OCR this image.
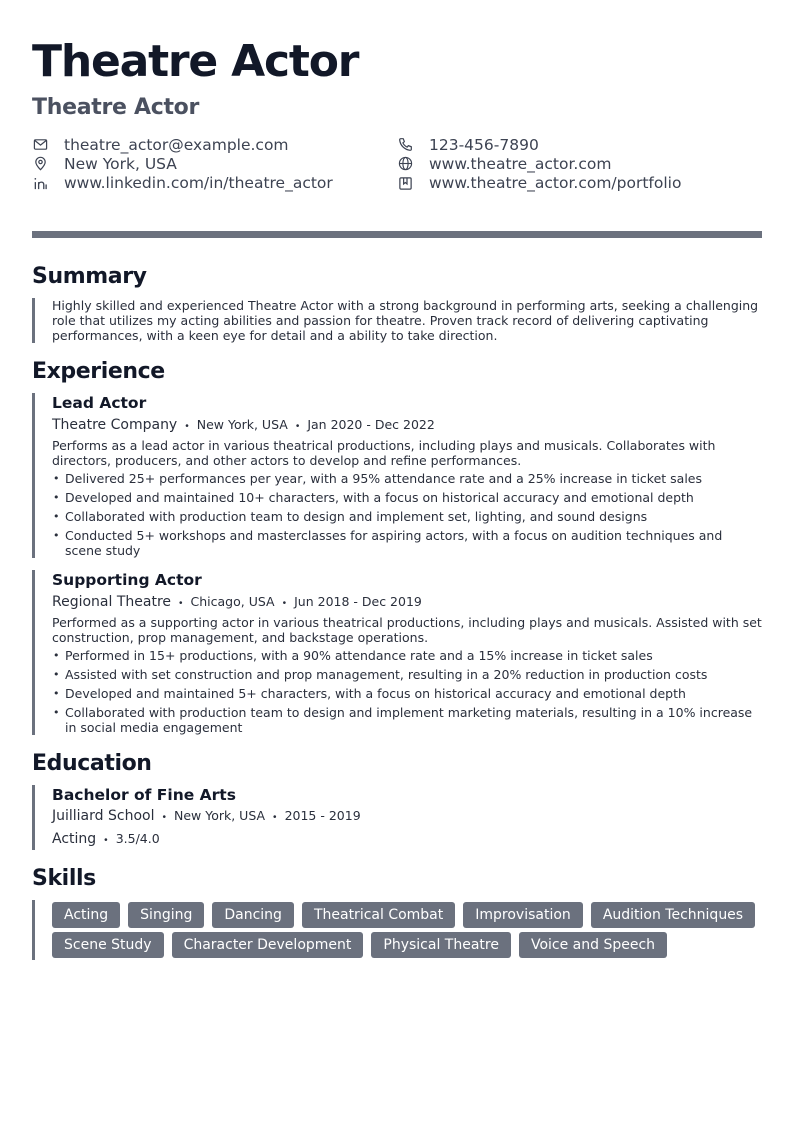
Theatre Actor
Theatre Actor
theatre_actor@example.com	123-456-7890
New York, USA	www.theatre_actor.com
www.linkedin.com/in/theatre_actor	www.theatre_actor.com/portfolio
Summary
Highly skilled and experienced Theatre Actor with a strong background in performing arts, seeking a challenging role that utilizes my acting abilities and passion for theatre. Proven track record of delivering captivating performances, with a keen eye for detail and a ability to take direction.
Experience
Lead Actor
Theatre Company • New York, USA • Jan 2020 - Dec 2022
Performs as a lead actor in various theatrical productions, including plays and musicals. Collaborates with directors, producers, and other actors to develop and refine performances.
• Delivered 25+ performances per year, with a 95% attendance rate and a 25% increase in ticket sales
• Developed and maintained 10+ characters, with a focus on historical accuracy and emotional depth
• Collaborated with production team to design and implement set, lighting, and sound designs
• Conducted 5+ workshops and masterclasses for aspiring actors, with a focus on audition techniques and scene study
Supporting Actor
Regional Theatre • Chicago, USA • Jun 2018 - Dec 2019
Performed as a supporting actor in various theatrical productions, including plays and musicals. Assisted with set construction, prop management, and backstage operations.
• Performed in 15+ productions, with a 90% attendance rate and a 15% increase in ticket sales
• Assisted with set construction and prop management, resulting in a 20% reduction in production costs
• Developed and maintained 5+ characters, with a focus on historical accuracy and emotional depth
• Collaborated with production team to design and implement marketing materials, resulting in a 10% increase in social media engagement
Education
Bachelor of Fine Arts
Juilliard School • New York, USA • 2015 - 2019
Acting • 3.5/4.0
Skills
Acting	Singing	Dancing	Theatrical Combat	Improvisation	Audition Techniques
Scene Study	Character Development	Physical Theatre	Voice and Speech
